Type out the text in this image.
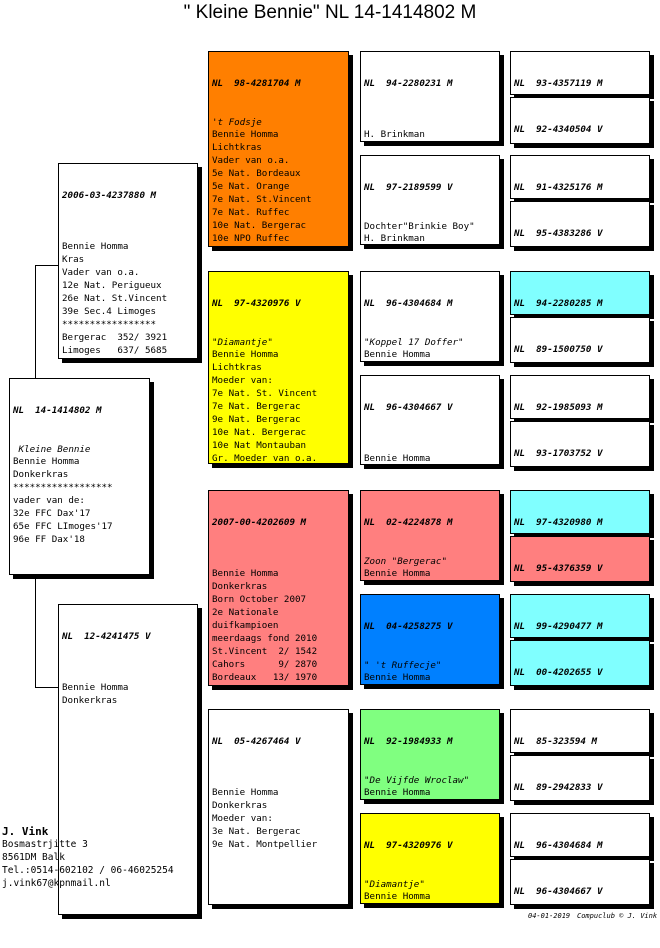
" Kleine Bennie" NL 14-1414802 M

NL  14-1414802 M

Kleine Bennie
Bennie Homma
Donkerkras
******************
vader van de:
32e FFC Dax'17
65e FFC LImoges'17
96e FF Dax'18

2006-03-4237880 M

Bennie Homma
Kras
Vader van o.a.
12e Nat. Perigueux
26e Nat. St.Vincent
39e Sec.4 Limoges
*****************
Bergerac  352/ 3921
Limoges   637/ 5685

NL  12-4241475 V

Bennie Homma
Donkerkras

NL  98-4281704 M

't Fodsje
Bennie Homma
Lichtkras
Vader van o.a.
5e Nat. Bordeaux
5e Nat. Orange
7e Nat. St.Vincent
7e Nat. Ruffec
10e Nat. Bergerac
10e NPO Ruffec

NL  97-4320976 V

"Diamantje"
Bennie Homma
Lichtkras
Moeder van:
7e Nat. St. Vincent
7e Nat. Bergerac
9e Nat. Bergerac
10e Nat. Bergerac
10e Nat Montauban
Gr. Moeder van o.a.

2007-00-4202609 M

Bennie Homma
Donkerkras
Born October 2007
2e Nationale
duifkampioen
meerdaags fond 2010
St.Vincent  2/ 1542
Cahors      9/ 2870
Bordeaux   13/ 1970

NL  05-4267464 V

Bennie Homma
Donkerkras
Moeder van:
3e Nat. Bergerac
9e Nat. Montpellier

NL  94-2280231 M

H. Brinkman

NL  97-2189599 V

Dochter"Brinkie Boy"
H. Brinkman

NL  96-4304684 M

"Koppel 17 Doffer"
Bennie Homma

NL  96-4304667 V

Bennie Homma

NL  02-4224878 M

Zoon "Bergerac"
Bennie Homma

NL  04-4258275 V

" 't Ruffecje"
Bennie Homma

NL  92-1984933 M

"De Vijfde Wroclaw"
Bennie Homma

NL  97-4320976 V

"Diamantje"
Bennie Homma

NL  93-4357119 M

NL  92-4340504 V

NL  91-4325176 M

NL  95-4383286 V

NL  94-2280285 M

NL  89-1500750 V

NL  92-1985093 M

NL  93-1703752 V

NL  97-4320980 M

NL  95-4376359 V

NL  99-4290477 M

NL  00-4202655 V

NL  85-323594 M

NL  89-2942833 V

NL  96-4304684 M

NL  96-4304667 V

J. Vink
Bosmastrjitte 3
8561DM Balk
Tel.:0514-602102 / 06-46025254
j.vink67@kpnmail.nl
04-01-2019 Compuclub © J. Vink
